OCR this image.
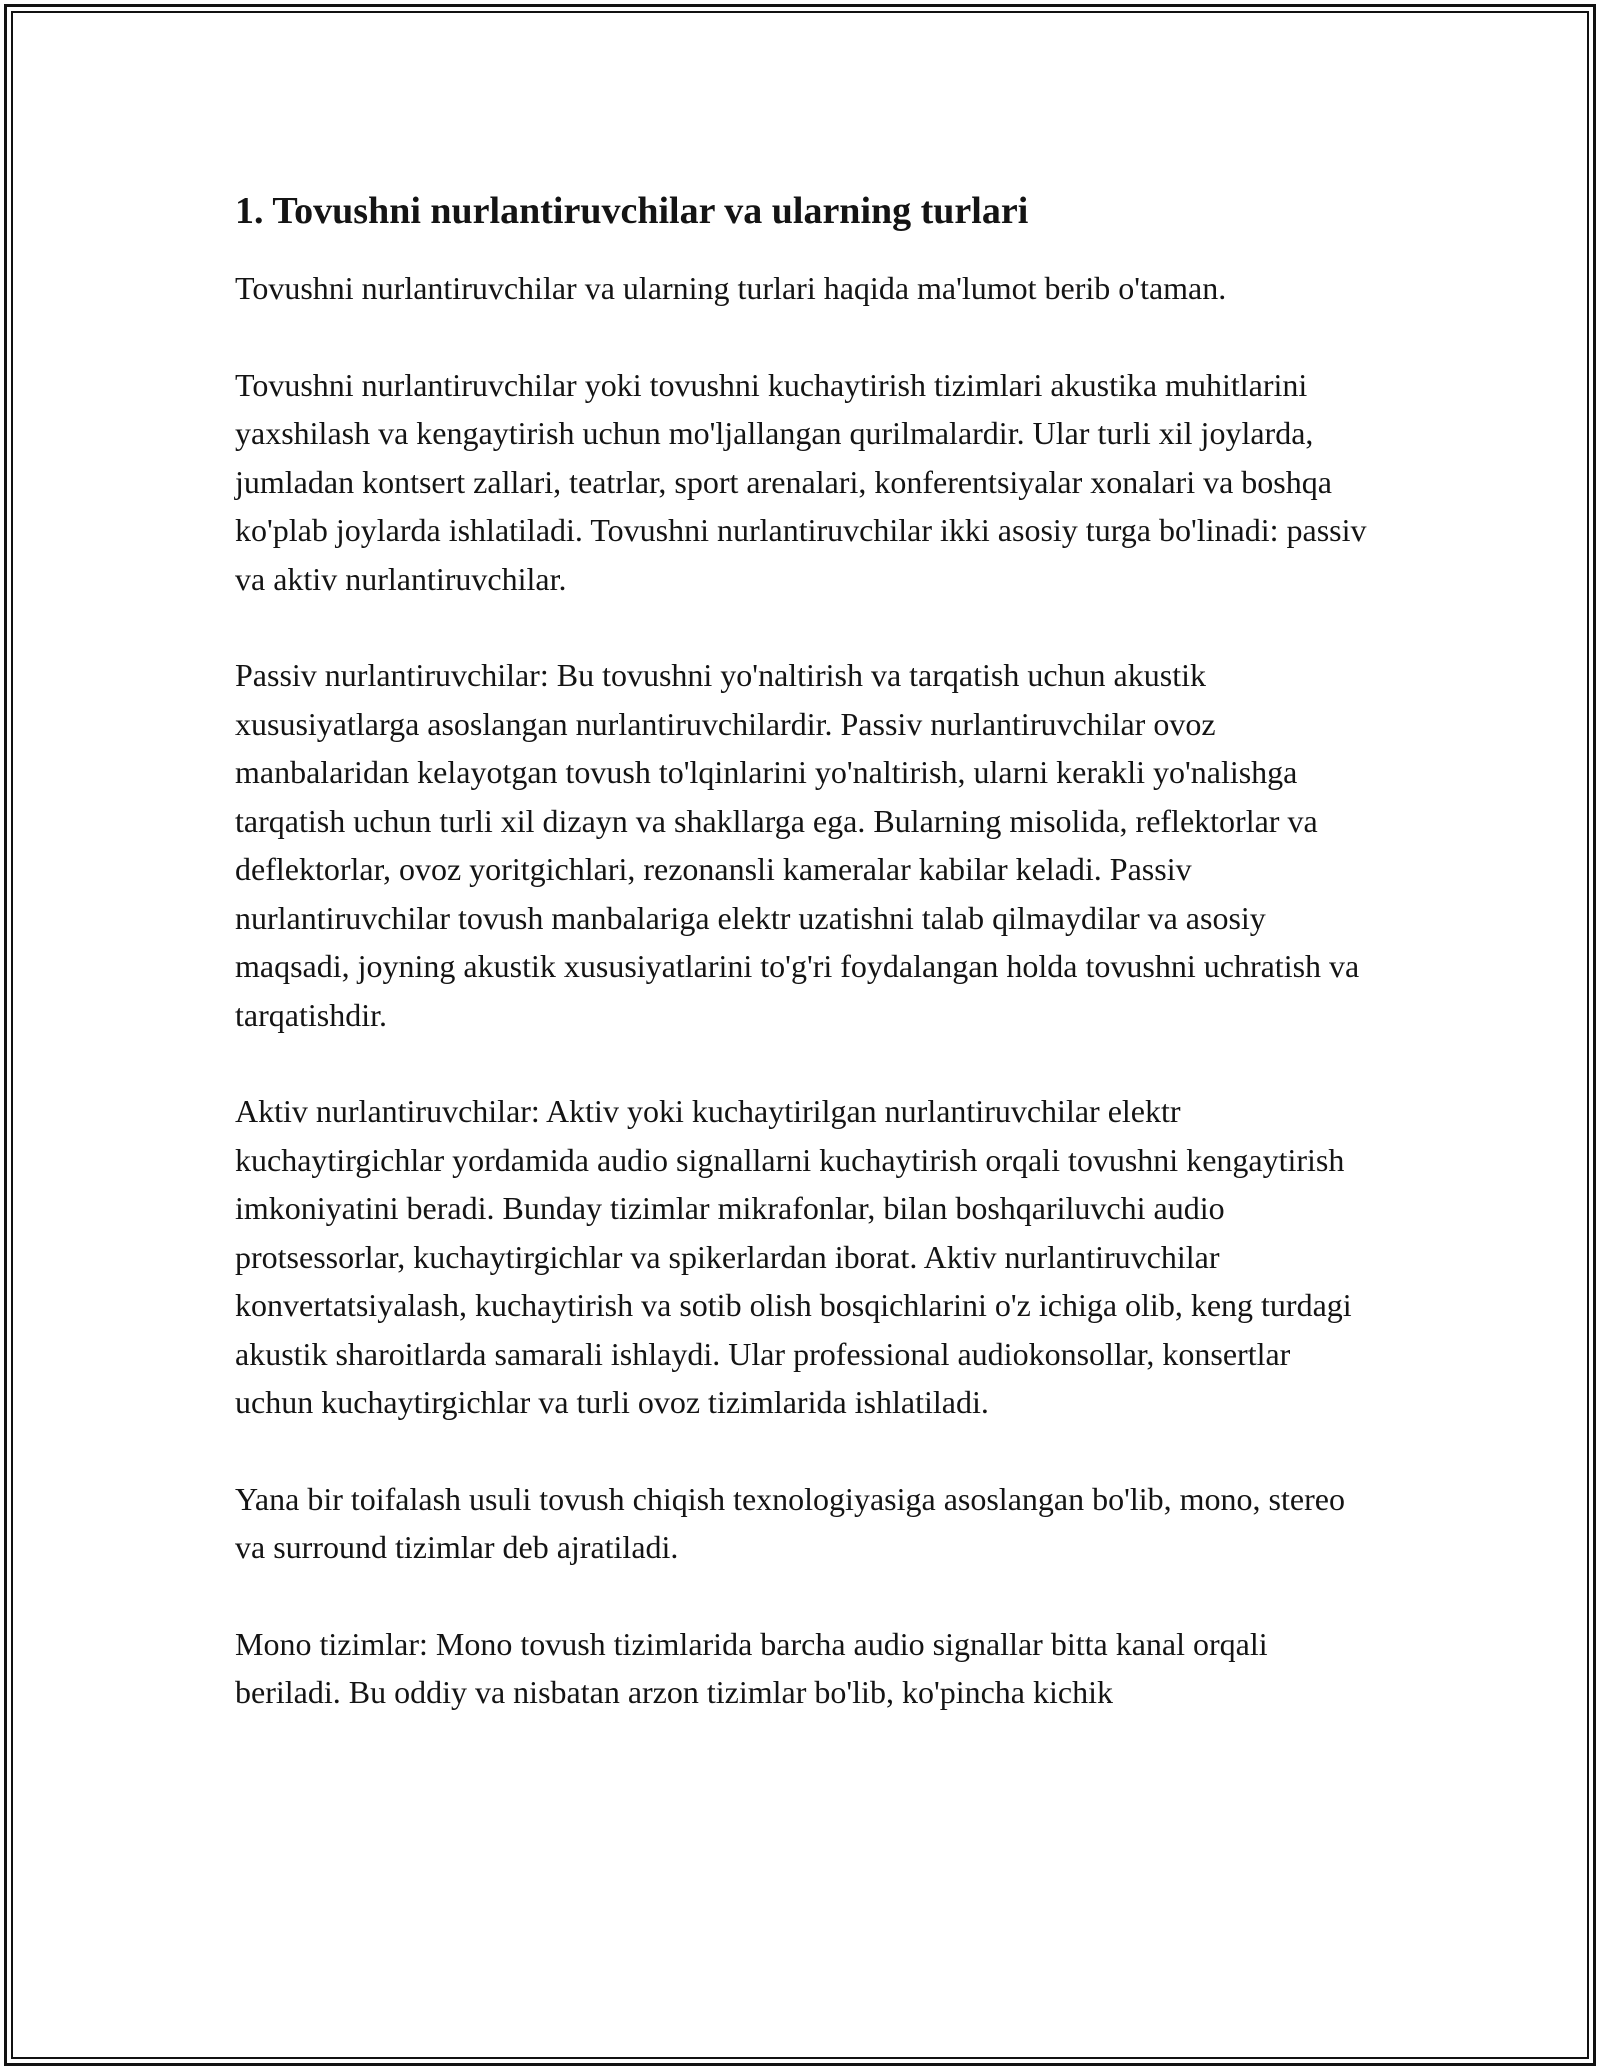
1. Tovushni nurlantiruvchilar va ularning turlari

Tovushni nurlantiruvchilar va ularning turlari haqida ma'lumot berib o'taman.

Tovushni nurlantiruvchilar yoki tovushni kuchaytirish tizimlari akustika muhitlarini yaxshilash va kengaytirish uchun mo'ljallangan qurilmalardir. Ular turli xil joylarda, jumladan kontsert zallari, teatrlar, sport arenalari, konferentsiyalar xonalari va boshqa ko'plab joylarda ishlatiladi. Tovushni nurlantiruvchilar ikki asosiy turga bo'linadi: passiv va aktiv nurlantiruvchilar.

Passiv nurlantiruvchilar: Bu tovushni yo'naltirish va tarqatish uchun akustik xususiyatlarga asoslangan nurlantiruvchilardir. Passiv nurlantiruvchilar ovoz manbalaridan kelayotgan tovush to'lqinlarini yo'naltirish, ularni kerakli yo'nalishga tarqatish uchun turli xil dizayn va shakllarga ega. Bularning misolida, reflektorlar va deflektorlar, ovoz yoritgichlari, rezonansli kameralar kabilar keladi. Passiv nurlantiruvchilar tovush manbalariga elektr uzatishni talab qilmaydilar va asosiy maqsadi, joyning akustik xususiyatlarini to'g'ri foydalangan holda tovushni uchratish va tarqatishdir.

Aktiv nurlantiruvchilar: Aktiv yoki kuchaytirilgan nurlantiruvchilar elektr kuchaytirgichlar yordamida audio signallarni kuchaytirish orqali tovushni kengaytirish imkoniyatini beradi. Bunday tizimlar mikrafonlar, bilan boshqariluvchi audio protsessorlar, kuchaytirgichlar va spikerlardan iborat. Aktiv nurlantiruvchilar konvertatsiyalash, kuchaytirish va sotib olish bosqichlarini o'z ichiga olib, keng turdagi akustik sharoitlarda samarali ishlaydi. Ular professional audiokonsollar, konsertlar uchun kuchaytirgichlar va turli ovoz tizimlarida ishlatiladi.

Yana bir toifalash usuli tovush chiqish texnologiyasiga asoslangan bo'lib, mono, stereo va surround tizimlar deb ajratiladi.

Mono tizimlar: Mono tovush tizimlarida barcha audio signallar bitta kanal orqali beriladi. Bu oddiy va nisbatan arzon tizimlar bo'lib, ko'pincha kichik
